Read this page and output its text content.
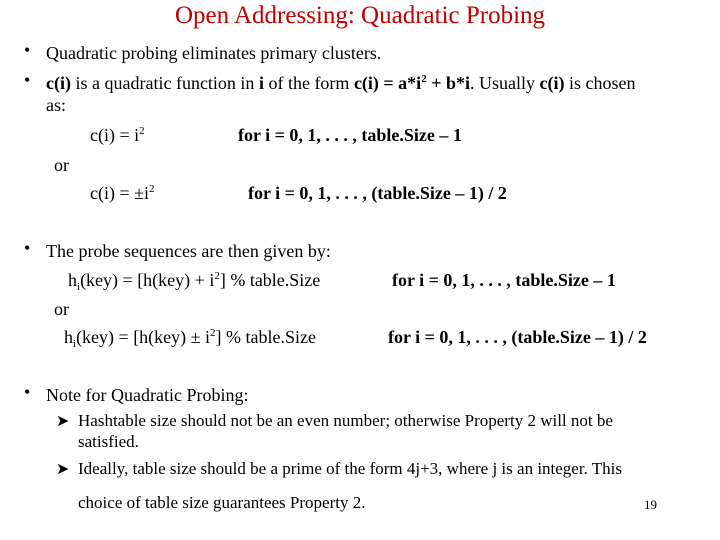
Open Addressing: Quadratic Probing
• Quadratic probing eliminates primary clusters.
• c(i) is a quadratic function in i of the form $c(i) = a*i^2 + b*i$. Usually c(i) is chosen
as:
$c(i) = i^2$	for i = 0, 1, . . . , table.Size – 1
or
$c(i) = \pm i^2$	for i = 0, 1, . . . , (table.Size – 1) / 2
• The probe sequences are then given by:
$h_i(key) = [h(key) + i^2]$ % table.Size	for i = 0, 1, . . . , table.Size – 1
or
$h_i(key) = [h(key) \pm i^2]$ % table.Size	for i = 0, 1, . . . , (table.Size – 1) / 2
• Note for Quadratic Probing:
➤ Hashtable size should not be an even number; otherwise Property 2 will not be
satisfied.
➤ Ideally, table size should be a prime of the form 4j+3, where j is an integer. This
choice of table size guarantees Property 2.	19
